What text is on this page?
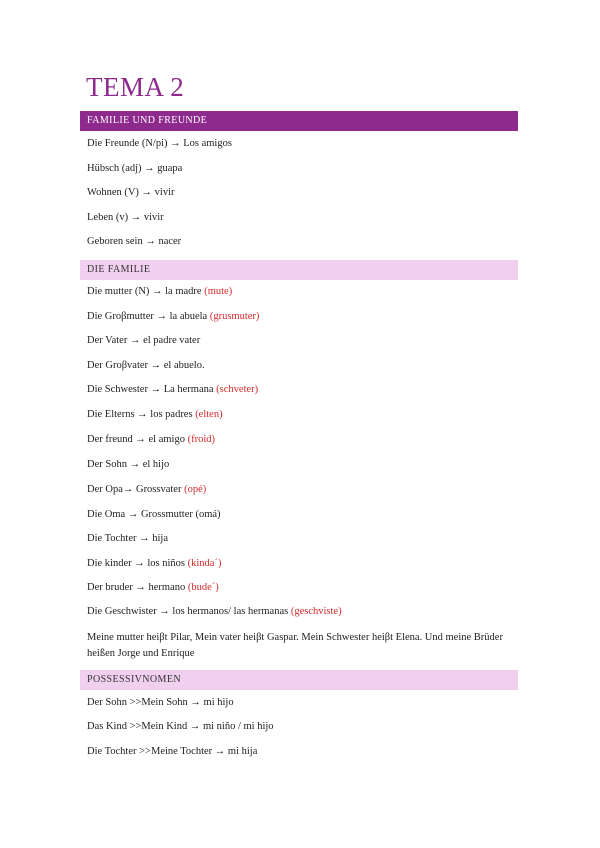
TEMA 2
FAMILIE UND FREUNDE
Die Freunde (N/pi) → Los amigos
Hübsch (adj) → guapa
Wohnen (V) → vivir
Leben (v) → vivir
Geboren sein → nacer
DIE FAMILIE
Die mutter (N) → la madre (mute)
Die Groβmutter → la abuela (grusmuter)
Der Vater → el padre vater
Der Groβvater → el abuelo.
Die Schwester → La hermana (schveter)
Die Elterns → los padres (elten)
Der freund → el amigo (froid)
Der Sohn → el hijo
Der Opa→ Grossvater (opé)
Die Oma → Grossmutter (omá)
Die Tochter → hija
Die kinder → los niños (kinda´)
Der bruder → hermano (bude´)
Die Geschwister → los hermanos/ las hermanas (geschviste)
Meine mutter heiβt Pilar, Mein vater heiβt Gaspar. Mein Schwester heiβt Elena. Und meine Brüder heißen Jorge und Enrique
POSSESSIVNOMEN
Der Sohn >>Mein Sohn → mi hijo
Das Kind >>Mein Kind → mi niño / mi hijo
Die Tochter >>Meine Tochter → mi hija
